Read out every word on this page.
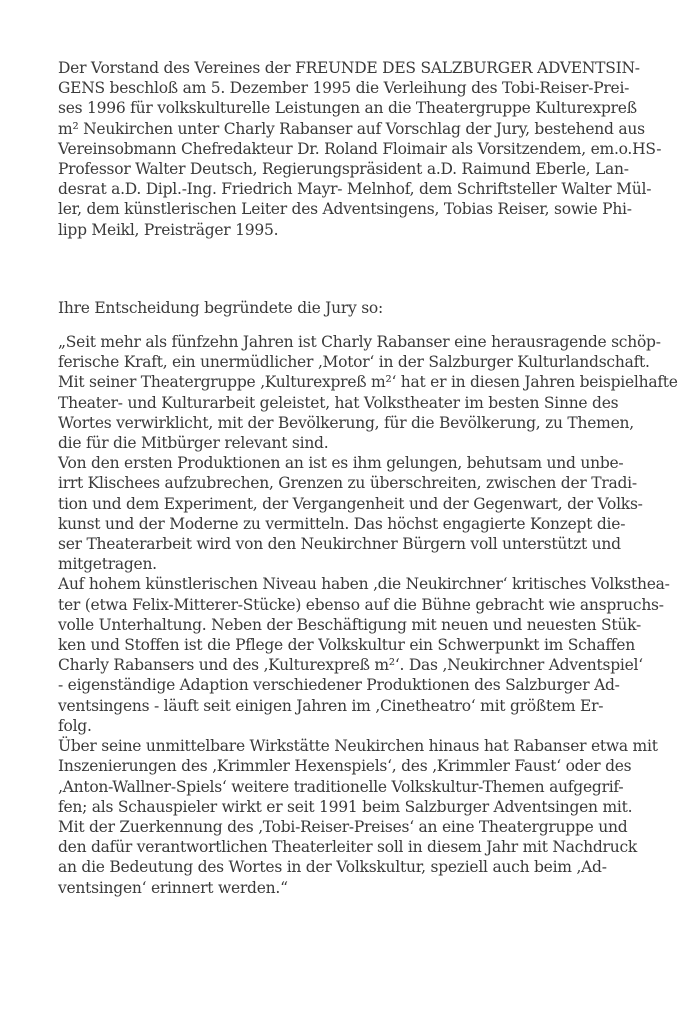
Der Vorstand des Vereines der FREUNDE DES SALZBURGER ADVENTSIN-
GENS beschloß am 5. Dezember 1995 die Verleihung des Tobi-Reiser-Prei-
ses 1996 für volkskulturelle Leistungen an die Theatergruppe Kulturexpreß
m² Neukirchen unter Charly Rabanser auf Vorschlag der Jury, bestehend aus
Vereinsobmann Chefredakteur Dr. Roland Floimair als Vorsitzendem, em.o.HS-
Professor Walter Deutsch, Regierungspräsident a.D. Raimund Eberle, Lan-
desrat a.D. Dipl.-Ing. Friedrich Mayr- Melnhof, dem Schriftsteller Walter Mül-
ler, dem künstlerischen Leiter des Adventsingens, Tobias Reiser, sowie Phi-
lipp Meikl, Preisträger 1995.
Ihre Entscheidung begründete die Jury so:
„Seit mehr als fünfzehn Jahren ist Charly Rabanser eine herausragende schöp-
ferische Kraft, ein unermüdlicher ‚Motor‘ in der Salzburger Kulturlandschaft.
Mit seiner Theatergruppe ‚Kulturexpreß m²‘ hat er in diesen Jahren beispielhafte
Theater- und Kulturarbeit geleistet, hat Volkstheater im besten Sinne des
Wortes verwirklicht, mit der Bevölkerung, für die Bevölkerung, zu Themen,
die für die Mitbürger relevant sind.
Von den ersten Produktionen an ist es ihm gelungen, behutsam und unbe-
irrt Klischees aufzubrechen, Grenzen zu überschreiten, zwischen der Tradi-
tion und dem Experiment, der Vergangenheit und der Gegenwart, der Volks-
kunst und der Moderne zu vermitteln. Das höchst engagierte Konzept die-
ser Theaterarbeit wird von den Neukirchner Bürgern voll unterstützt und
mitgetragen.
Auf hohem künstlerischen Niveau haben ‚die Neukirchner‘ kritisches Volksthea-
ter (etwa Felix-Mitterer-Stücke) ebenso auf die Bühne gebracht wie anspruchs-
volle Unterhaltung. Neben der Beschäftigung mit neuen und neuesten Stük-
ken und Stoffen ist die Pflege der Volkskultur ein Schwerpunkt im Schaffen
Charly Rabansers und des ‚Kulturexpreß m²‘. Das ‚Neukirchner Adventspiel‘
- eigenständige Adaption verschiedener Produktionen des Salzburger Ad-
ventsingens - läuft seit einigen Jahren im ‚Cinetheatro‘ mit größtem Er-
folg.
Über seine unmittelbare Wirkstätte Neukirchen hinaus hat Rabanser etwa mit
Inszenierungen des ‚Krimmler Hexenspiels‘, des ‚Krimmler Faust‘ oder des
‚Anton-Wallner-Spiels‘ weitere traditionelle Volkskultur-Themen aufgegrif-
fen; als Schauspieler wirkt er seit 1991 beim Salzburger Adventsingen mit.
Mit der Zuerkennung des ‚Tobi-Reiser-Preises‘ an eine Theatergruppe und
den dafür verantwortlichen Theaterleiter soll in diesem Jahr mit Nachdruck
an die Bedeutung des Wortes in der Volkskultur, speziell auch beim ‚Ad-
ventsingen‘ erinnert werden.“
